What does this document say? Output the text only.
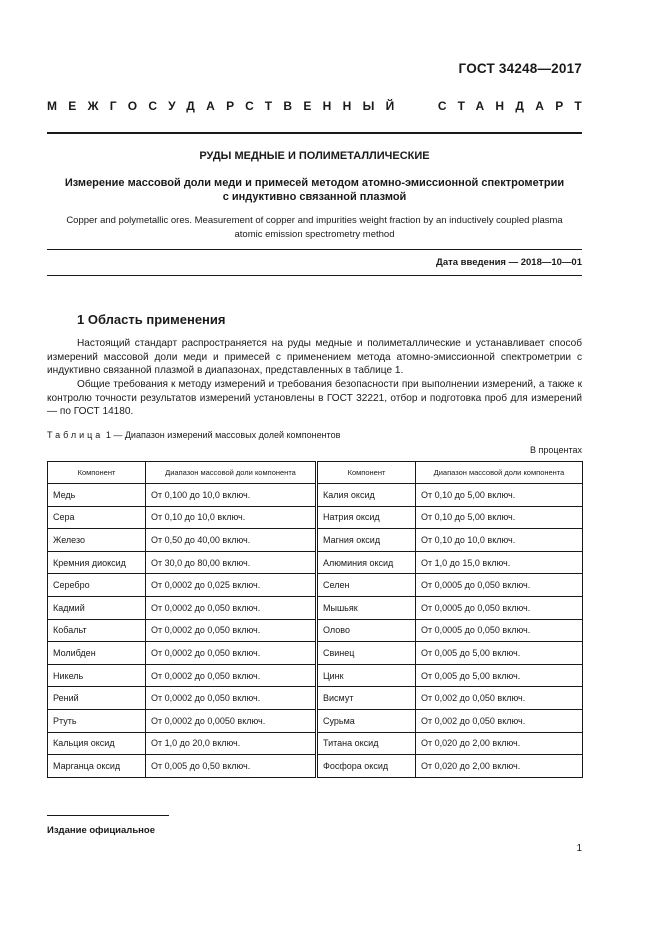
ГОСТ 34248—2017
МЕЖГОСУДАРСТВЕННЫЙ	СТАНДАРТ
РУДЫ МЕДНЫЕ И ПОЛИМЕТАЛЛИЧЕСКИЕ
Измерение массовой доли меди и примесей методом атомно-эмиссионной спектрометрии
с индуктивно связанной плазмой
Copper and polymetallic ores. Measurement of copper and impurities weight fraction by an inductively coupled plasma
atomic emission spectrometry method
Дата введения — 2018—10—01
1 Область применения
Настоящий стандарт распространяется на руды медные и полиметаллические и устанавливает способ измерений массовой доли меди и примесей с применением метода атомно-эмиссионной спектрометрии с индуктивно связанной плазмой в диапазонах, представленных в таблице 1.
Общие требования к методу измерений и требования безопасности при выполнении измерений, а также к контролю точности результатов измерений установлены в ГОСТ 32221, отбор и подготовка проб для измерений — по ГОСТ 14180.
Таблица 1 — Диапазон измерений массовых долей компонентов
В процентах
Компонент	Диапазон массовой доли компонента	Компонент	Диапазон массовой доли компонента
Медь	От 0,100 до 10,0 включ.	Калия оксид	От 0,10 до 5,00 включ.
Сера	От 0,10 до 10,0 включ.	Натрия оксид	От 0,10 до 5,00 включ.
Железо	От 0,50 до 40,00 включ.	Магния оксид	От 0,10 до 10,0 включ.
Кремния диоксид	От 30,0 до 80,00 включ.	Алюминия оксид	От 1,0 до 15,0 включ.
Серебро	От 0,0002 до 0,025 включ.	Селен	От 0,0005 до 0,050 включ.
Кадмий	От 0,0002 до 0,050 включ.	Мышьяк	От 0,0005 до 0,050 включ.
Кобальт	От 0,0002 до 0,050 включ.	Олово	От 0,0005 до 0,050 включ.
Молибден	От 0,0002 до 0,050 включ.	Свинец	От 0,005 до 5,00 включ.
Никель	От 0,0002 до 0,050 включ.	Цинк	От 0,005 до 5,00 включ.
Рений	От 0,0002 до 0,050 включ.	Висмут	От 0,002 до 0,050 включ.
Ртуть	От 0,0002 до 0,0050 включ.	Сурьма	От 0,002 до 0,050 включ.
Кальция оксид	От 1,0 до 20,0 включ.	Титана оксид	От 0,020 до 2,00 включ.
Марганца оксид	От 0,005 до 0,50 включ.	Фосфора оксид	От 0,020 до 2,00 включ.
Издание официальное
1
